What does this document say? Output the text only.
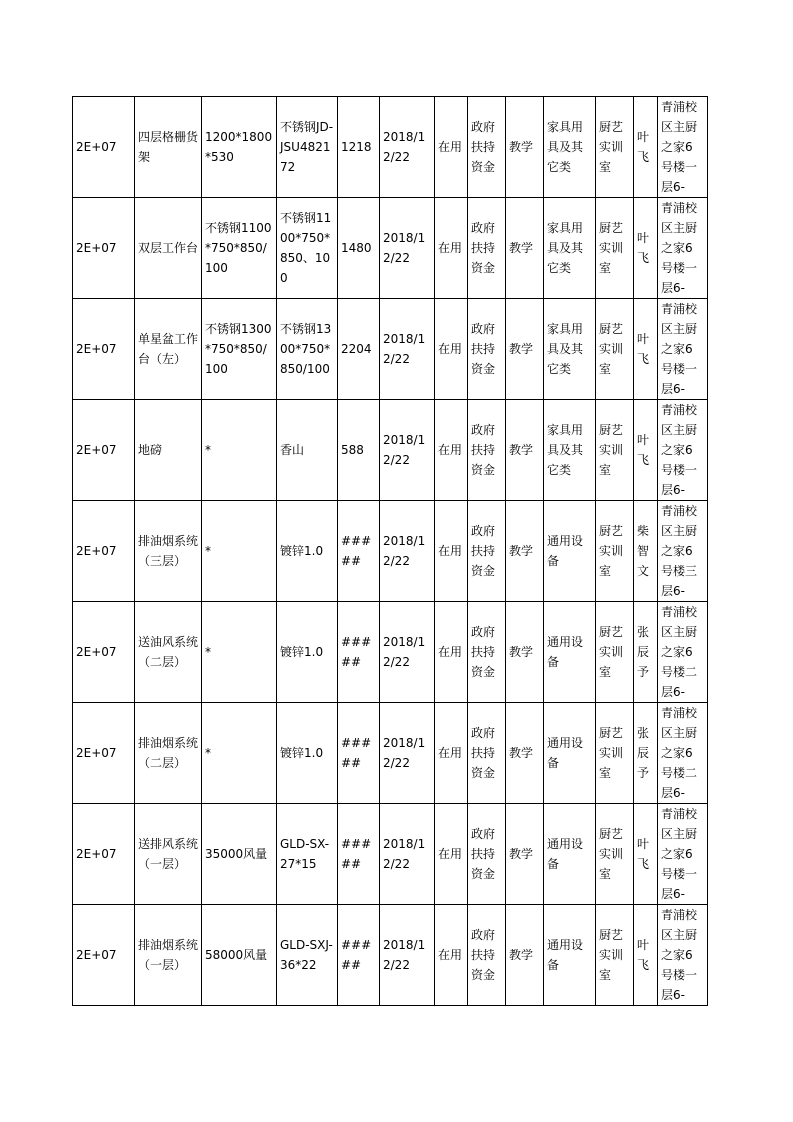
2E+07	四层格栅货架	1200*1800*530	不锈钢JD-JSU482172	1218	2018/12/22	在用	政府扶持资金	教学	家具用具及其它类	厨艺实训室	叶飞	青浦校区主厨之家6号楼一层6-
2E+07	双层工作台	不锈钢1100*750*850/100	不锈钢1100*750*850、100	1480	2018/12/22	在用	政府扶持资金	教学	家具用具及其它类	厨艺实训室	叶飞	青浦校区主厨之家6号楼一层6-
2E+07	单星盆工作台（左）	不锈钢1300*750*850/100	不锈钢1300*750*850/100	2204	2018/12/22	在用	政府扶持资金	教学	家具用具及其它类	厨艺实训室	叶飞	青浦校区主厨之家6号楼一层6-
2E+07	地磅	*	香山	588	2018/12/22	在用	政府扶持资金	教学	家具用具及其它类	厨艺实训室	叶飞	青浦校区主厨之家6号楼一层6-
2E+07	排油烟系统（三层）	*	镀锌1.0	#####	2018/12/22	在用	政府扶持资金	教学	通用设备	厨艺实训室	柴智文	青浦校区主厨之家6号楼三层6-
2E+07	送油风系统（二层）	*	镀锌1.0	#####	2018/12/22	在用	政府扶持资金	教学	通用设备	厨艺实训室	张辰予	青浦校区主厨之家6号楼二层6-
2E+07	排油烟系统（二层）	*	镀锌1.0	#####	2018/12/22	在用	政府扶持资金	教学	通用设备	厨艺实训室	张辰予	青浦校区主厨之家6号楼二层6-
2E+07	送排风系统（一层）	35000风量	GLD-SX-27*15	#####	2018/12/22	在用	政府扶持资金	教学	通用设备	厨艺实训室	叶飞	青浦校区主厨之家6号楼一层6-
2E+07	排油烟系统（一层）	58000风量	GLD-SXJ-36*22	#####	2018/12/22	在用	政府扶持资金	教学	通用设备	厨艺实训室	叶飞	青浦校区主厨之家6号楼一层6-
